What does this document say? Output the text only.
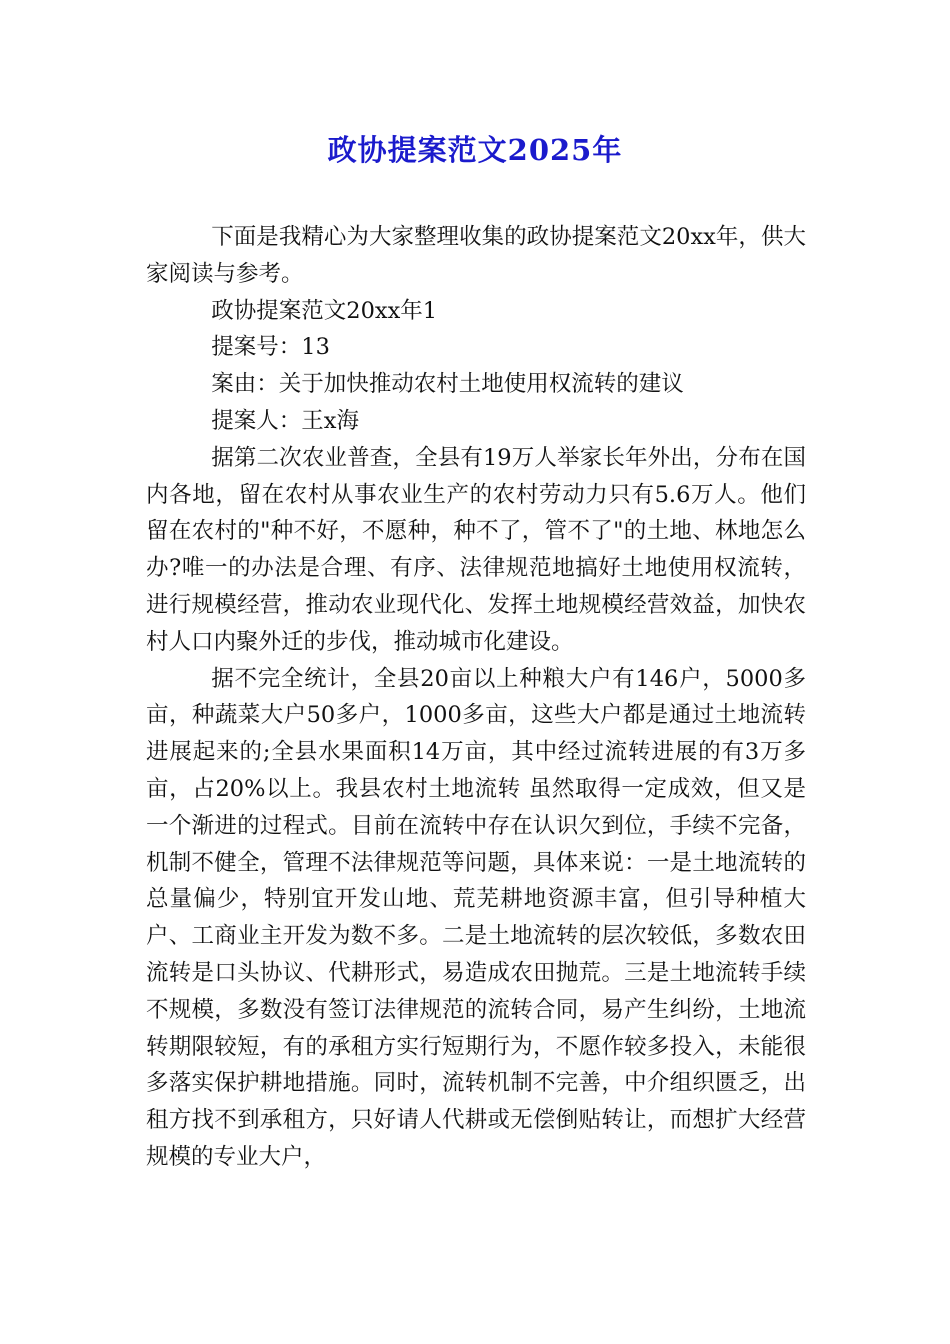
政协提案范文2025年

下面是我精心为大家整理收集的政协提案范文20xx年，供大家阅读与参考。

政协提案范文20xx年1

提案号：13

案由：关于加快推动农村土地使用权流转的建议

提案人：王x海

据第二次农业普查，全县有19万人举家长年外出，分布在国内各地，留在农村从事农业生产的农村劳动力只有5.6万人。他们留在农村的"种不好，不愿种，种不了，管不了"的土地、林地怎么办?唯一的办法是合理、有序、法律规范地搞好土地使用权流转，进行规模经营，推动农业现代化、发挥土地规模经营效益，加快农村人口内聚外迁的步伐，推动城市化建设。

据不完全统计，全县20亩以上种粮大户有146户，5000多亩，种蔬菜大户50多户，1000多亩，这些大户都是通过土地流转进展起来的;全县水果面积14万亩，其中经过流转进展的有3万多亩，占20%以上。我县农村土地流转 虽然取得一定成效，但又是一个渐进的过程式。目前在流转中存在认识欠到位，手续不完备，机制不健全，管理不法律规范等问题，具体来说：一是土地流转的总量偏少，特别宜开发山地、荒芜耕地资源丰富，但引导种植大户、工商业主开发为数不多。二是土地流转的层次较低，多数农田流转是口头协议、代耕形式，易造成农田抛荒。三是土地流转手续不规模，多数没有签订法律规范的流转合同，易产生纠纷，土地流转期限较短，有的承租方实行短期行为，不愿作较多投入，未能很多落实保护耕地措施。同时，流转机制不完善，中介组织匮乏，出租方找不到承租方，只好请人代耕或无偿倒贴转让，而想扩大经营规模的专业大户，
